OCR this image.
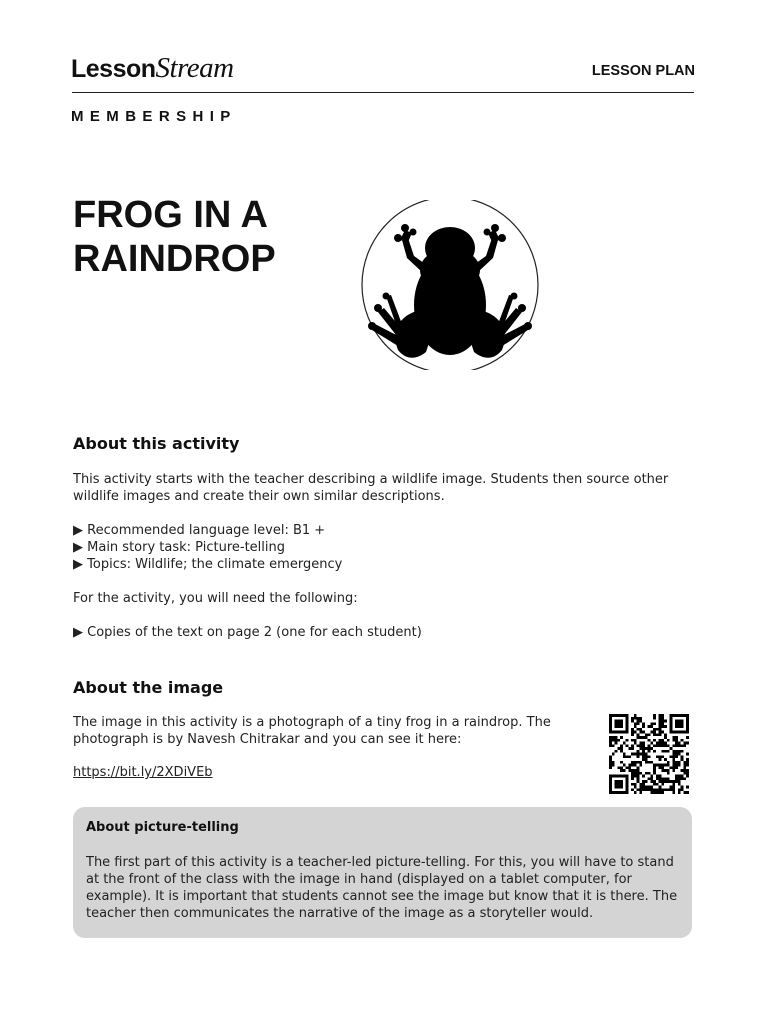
LessonStream	LESSON PLAN
MEMBERSHIP
FROG IN A
RAINDROP
About this activity

This activity starts with the teacher describing a wildlife image. Students then source other wildlife images and create their own similar descriptions.

▶ Recommended language level: B1 +
▶ Main story task: Picture-telling
▶ Topics: Wildlife; the climate emergency

For the activity, you will need the following:

▶ Copies of the text on page 2 (one for each student)
About the image

The image in this activity is a photograph of a tiny frog in a raindrop. The photograph is by Navesh Chitrakar and you can see it here:

https://bit.ly/2XDiVEb

About picture-telling

The first part of this activity is a teacher-led picture-telling. For this, you will have to stand at the front of the class with the image in hand (displayed on a tablet computer, for example). It is important that students cannot see the image but know that it is there. The teacher then communicates the narrative of the image as a storyteller would.
